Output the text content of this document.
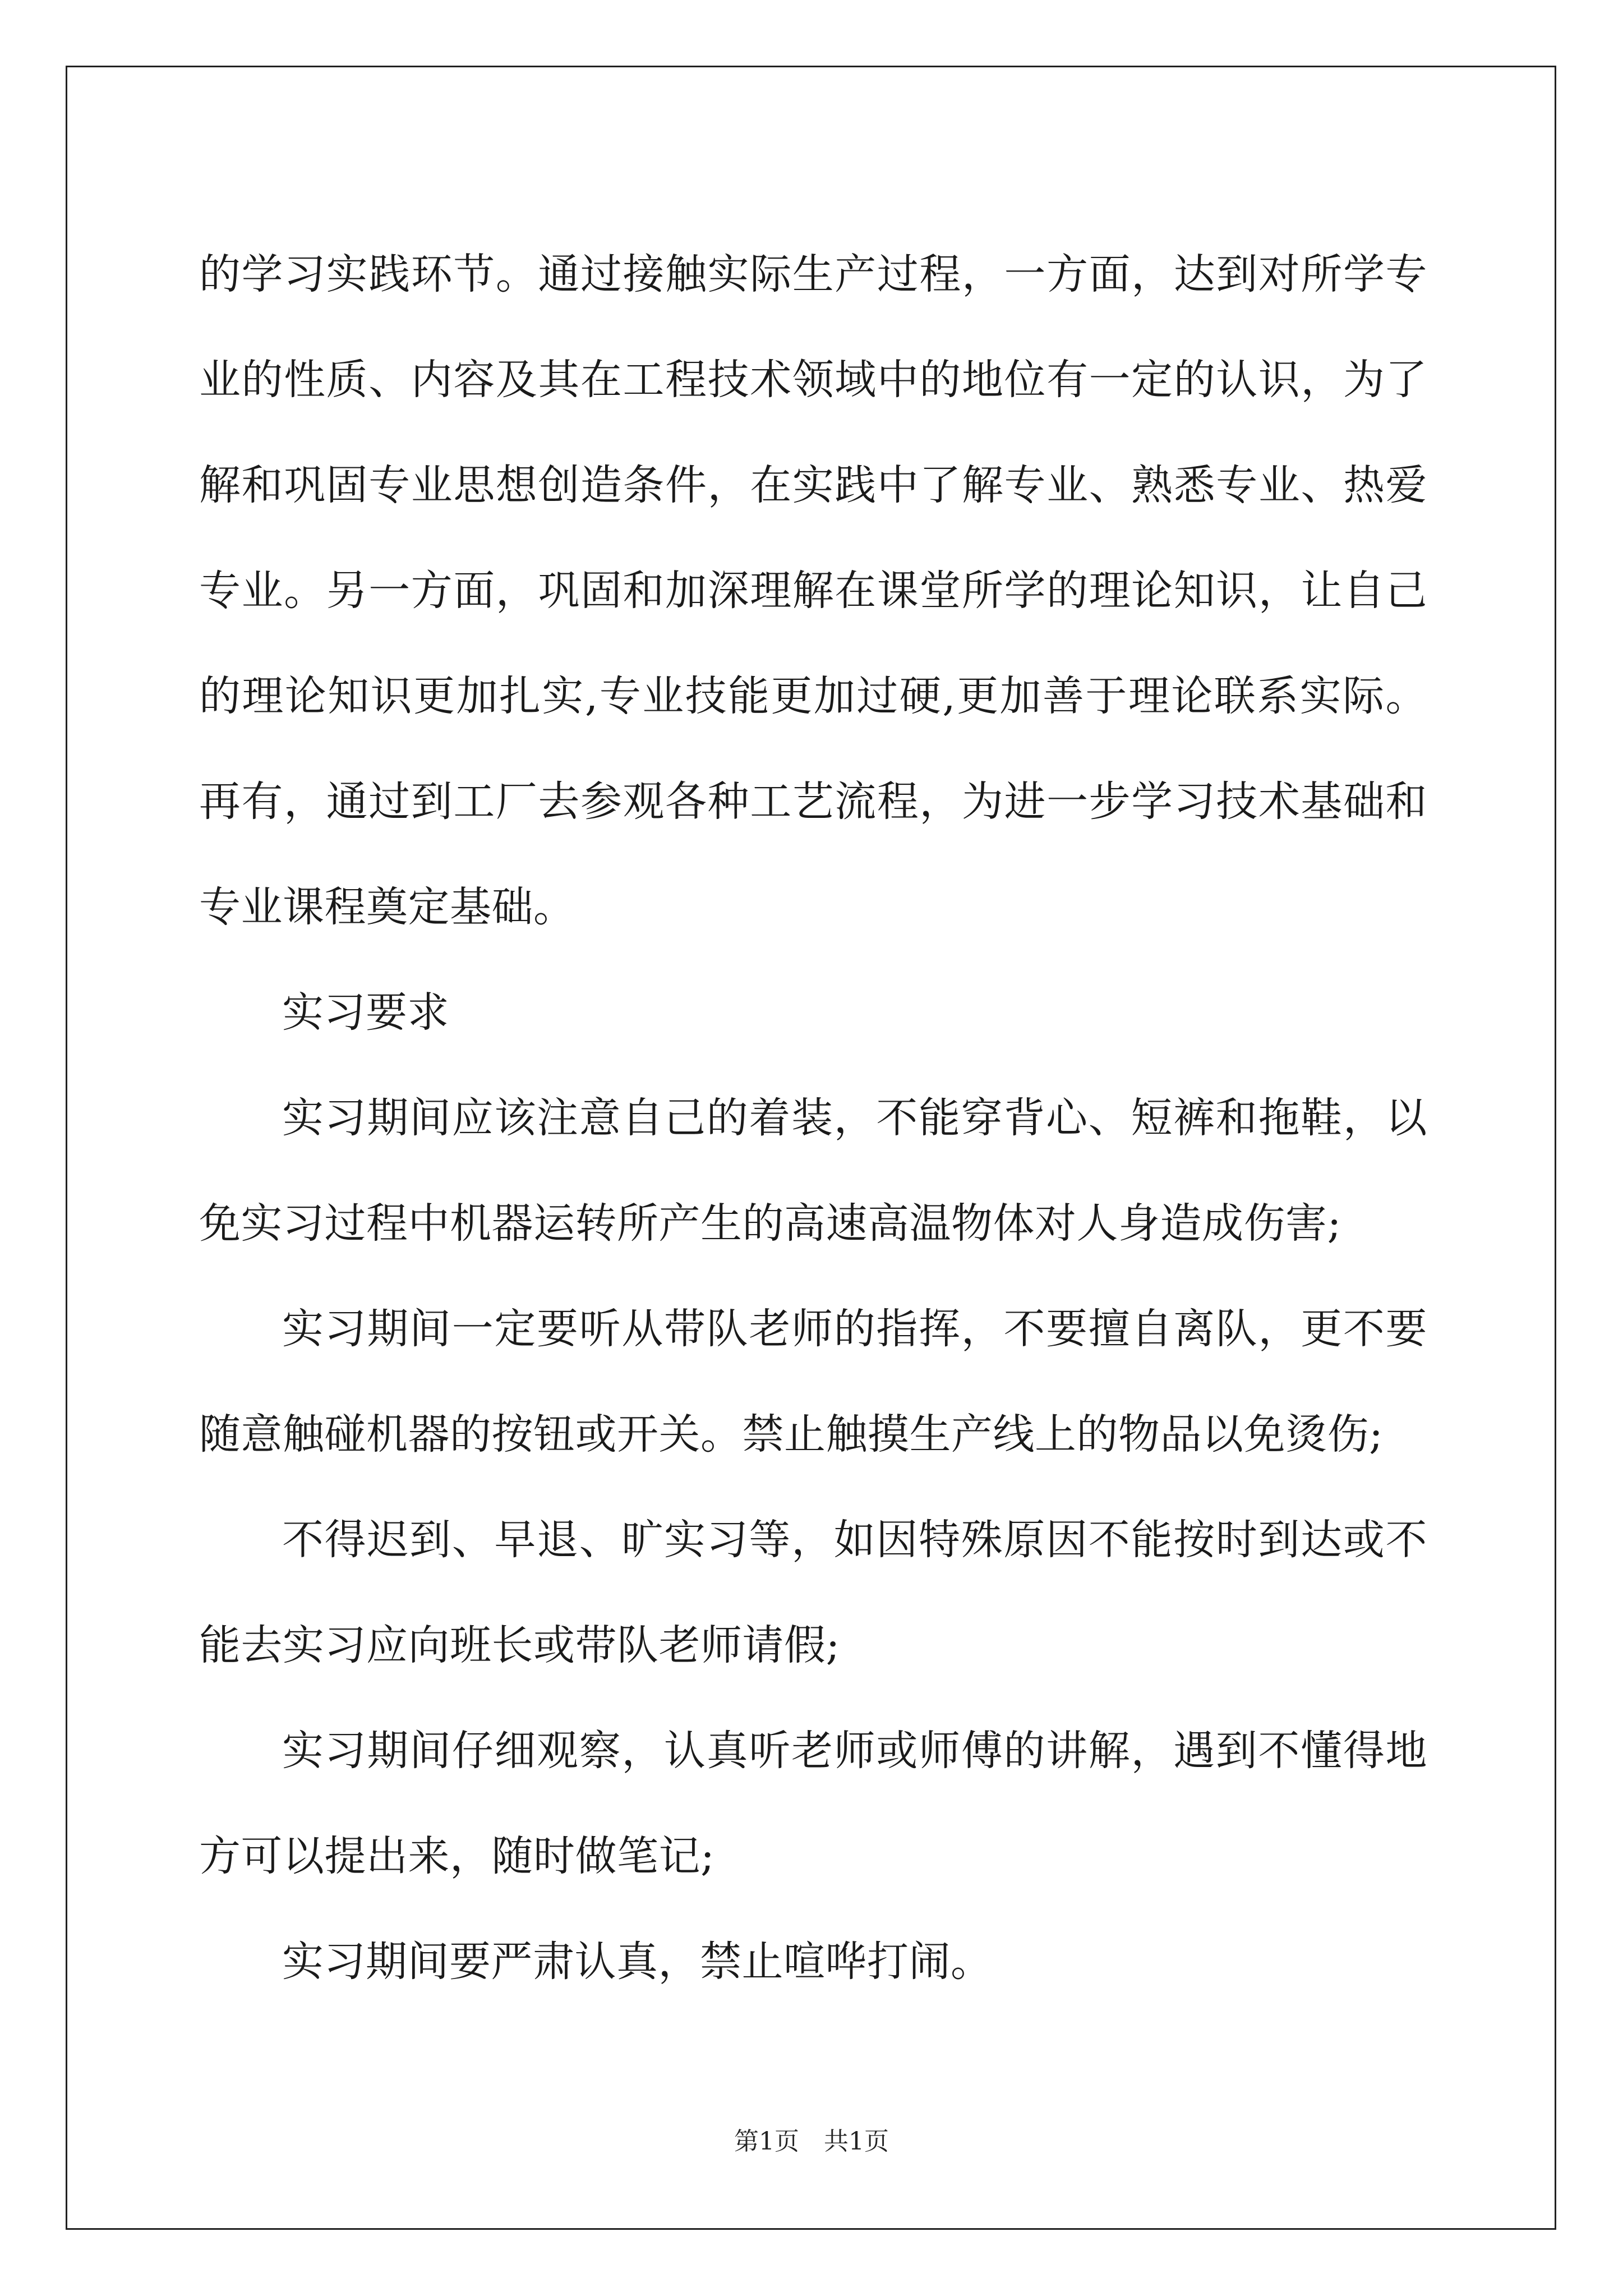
的学习实践环节。通过接触实际生产过程，一方面，达到对所学专业的性质、内容及其在工程技术领域中的地位有一定的认识，为了解和巩固专业思想创造条件，在实践中了解专业、熟悉专业、热爱专业。另一方面，巩固和加深理解在课堂所学的理论知识，让自己的理论知识更加扎实,专业技能更加过硬,更加善于理论联系实际。再有，通过到工厂去参观各种工艺流程，为进一步学习技术基础和专业课程奠定基础。

实习要求

实习期间应该注意自己的着装，不能穿背心、短裤和拖鞋，以免实习过程中机器运转所产生的高速高温物体对人身造成伤害;

实习期间一定要听从带队老师的指挥，不要擅自离队，更不要随意触碰机器的按钮或开关。禁止触摸生产线上的物品以免烫伤;

不得迟到、早退、旷实习等，如因特殊原因不能按时到达或不能去实习应向班长或带队老师请假;

实习期间仔细观察，认真听老师或师傅的讲解，遇到不懂得地方可以提出来，随时做笔记;

实习期间要严肃认真，禁止喧哗打闹。

第1页　共1页
